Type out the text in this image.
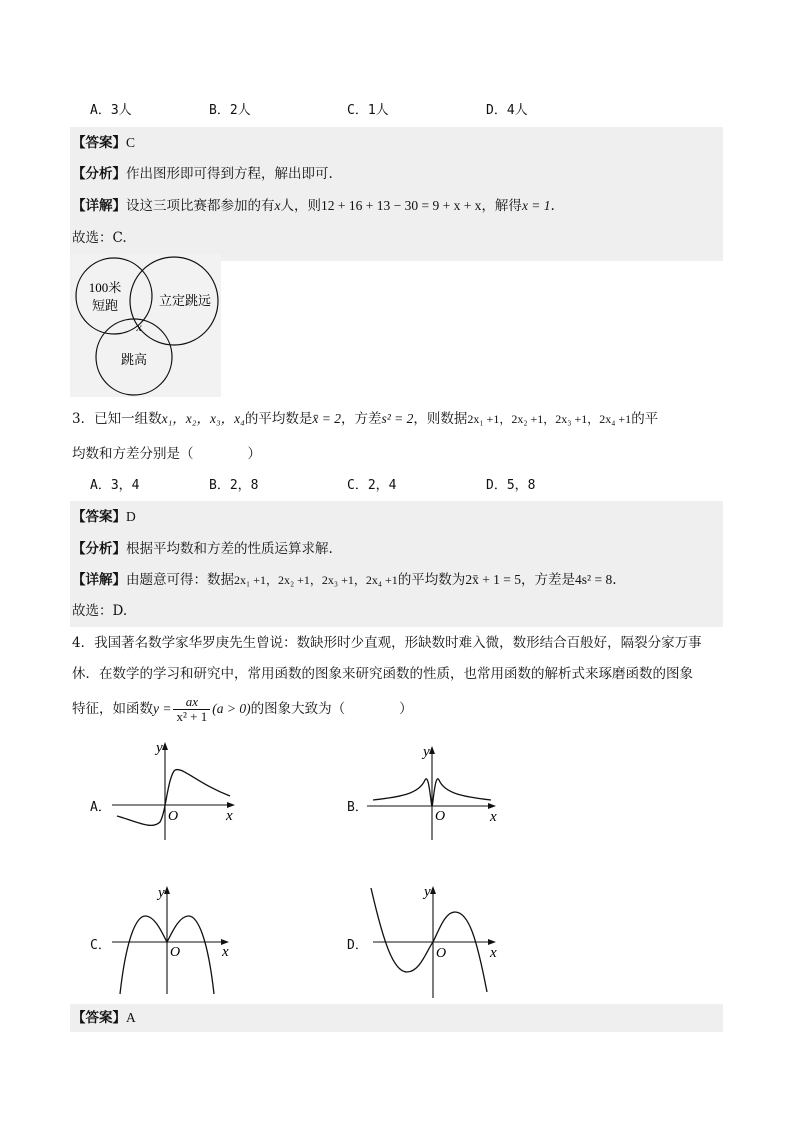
A．3人	B．2人	C．1人	D．4人
【答案】C
【分析】作出图形即可得到方程，解出即可.
【详解】设这三项比赛都参加的有x人，则12 + 16 + 13 − 30 = 9 + x + x，解得x = 1.
故选：C.
100米
短跑	立定跳远
跳高
x
3．已知一组数x₁，x₂，x₃，x₄的平均数是x̄ = 2，方差s² = 2，则数据2x₁ +1，2x₂ +1，2x₃ +1，2x₄ +1的平
均数和方差分别是（　　　　）
A．3，4	B．2，8	C．2，4	D．5，8
【答案】D
【分析】根据平均数和方差的性质运算求解.
【详解】由题意可得：数据2x₁ +1，2x₂ +1，2x₃ +1，2x₄ +1的平均数为2x̄ + 1 = 5，方差是4s² = 8.
故选：D.
4．我国著名数学家华罗庚先生曾说：数缺形时少直观，形缺数时难入微，数形结合百般好，隔裂分家万事
休．在数学的学习和研究中，常用函数的图象来研究函数的性质，也常用函数的解析式来琢磨函数的图象
特征，如函数$y = \frac{ax}{\text{x² + 1}} (a > 0)$的图象大致为（　　　　）
A．	B．
C．	D．
O	x
y
O	x
y
O	x
y
O	x
y
【答案】A
